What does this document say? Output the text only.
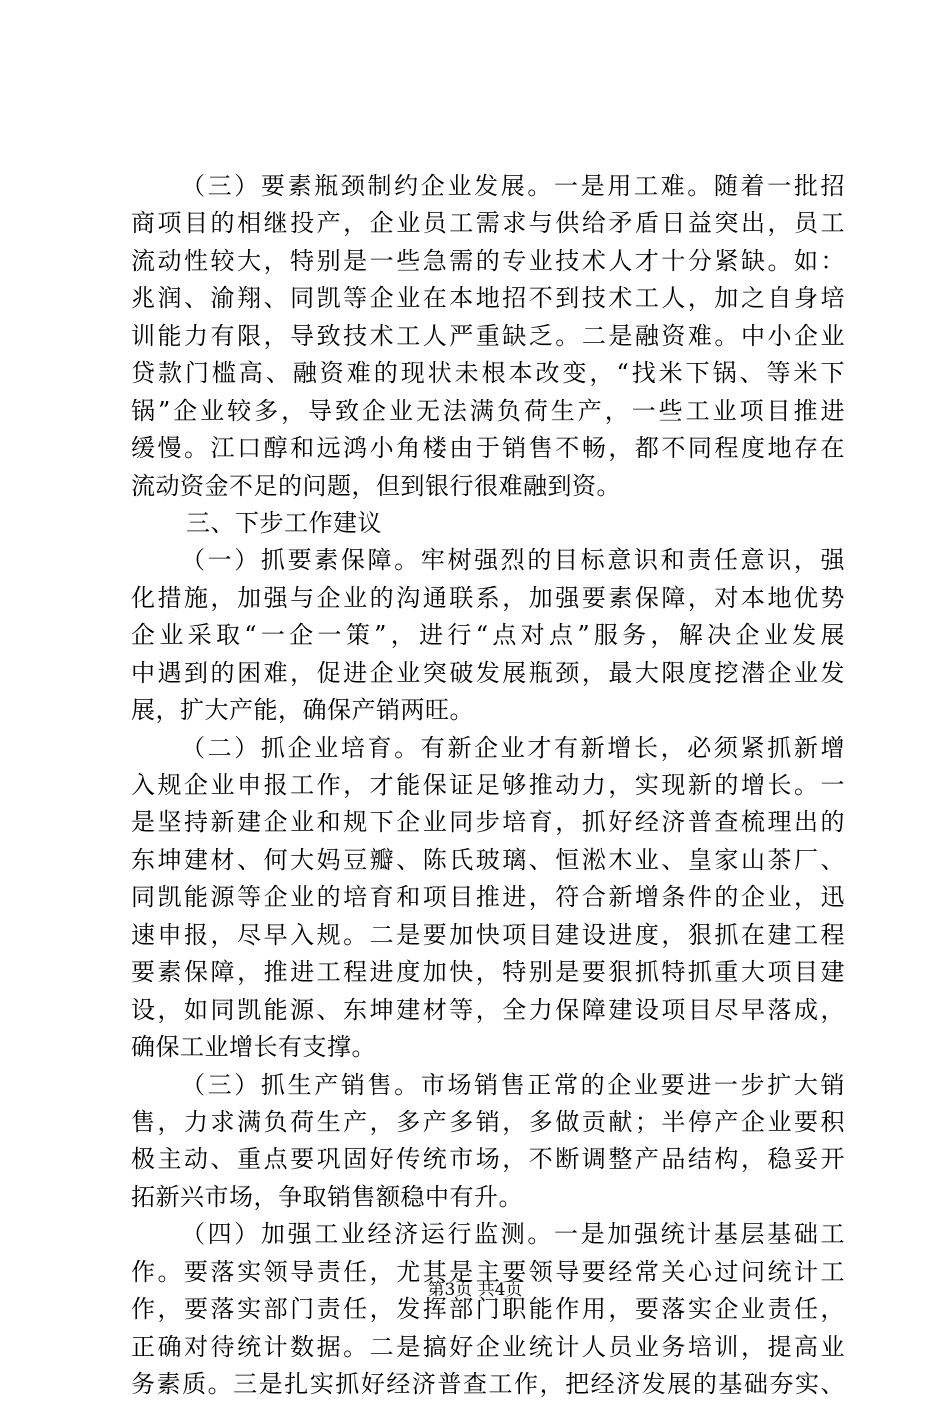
（三）要素瓶颈制约企业发展。一是用工难。随着一批招
商项目的相继投产，企业员工需求与供给矛盾日益突出，员工
流动性较大，特别是一些急需的专业技术人才十分紧缺。如：
兆润、渝翔、同凯等企业在本地招不到技术工人，加之自身培
训能力有限，导致技术工人严重缺乏。二是融资难。中小企业
贷款门槛高、融资难的现状未根本改变，“找米下锅、等米下
锅”企业较多，导致企业无法满负荷生产，一些工业项目推进
缓慢。江口醇和远鸿小角楼由于销售不畅，都不同程度地存在
流动资金不足的问题，但到银行很难融到资。
三、下步工作建议
（一）抓要素保障。牢树强烈的目标意识和责任意识，强
化措施，加强与企业的沟通联系，加强要素保障，对本地优势
企业采取“一企一策”，进行“点对点”服务，解决企业发展
中遇到的困难，促进企业突破发展瓶颈，最大限度挖潜企业发
展，扩大产能，确保产销两旺。
（二）抓企业培育。有新企业才有新增长，必须紧抓新增
入规企业申报工作，才能保证足够推动力，实现新的增长。一
是坚持新建企业和规下企业同步培育，抓好经济普查梳理出的
东坤建材、何大妈豆瓣、陈氏玻璃、恒淞木业、皇家山茶厂、
同凯能源等企业的培育和项目推进，符合新增条件的企业，迅
速申报，尽早入规。二是要加快项目建设进度，狠抓在建工程
要素保障，推进工程进度加快，特别是要狠抓特抓重大项目建
设，如同凯能源、东坤建材等，全力保障建设项目尽早落成，
确保工业增长有支撑。
（三）抓生产销售。市场销售正常的企业要进一步扩大销
售，力求满负荷生产，多产多销，多做贡献；半停产企业要积
极主动、重点要巩固好传统市场，不断调整产品结构，稳妥开
拓新兴市场，争取销售额稳中有升。
（四）加强工业经济运行监测。一是加强统计基层基础工
作。要落实领导责任，尤其是主要领导要经常关心过问统计工
作，要落实部门责任，发挥部门职能作用，要落实企业责任，
正确对待统计数据。二是搞好企业统计人员业务培训，提高业
务素质。三是扎实抓好经济普查工作，把经济发展的基础夯实、
第3页 共4页
